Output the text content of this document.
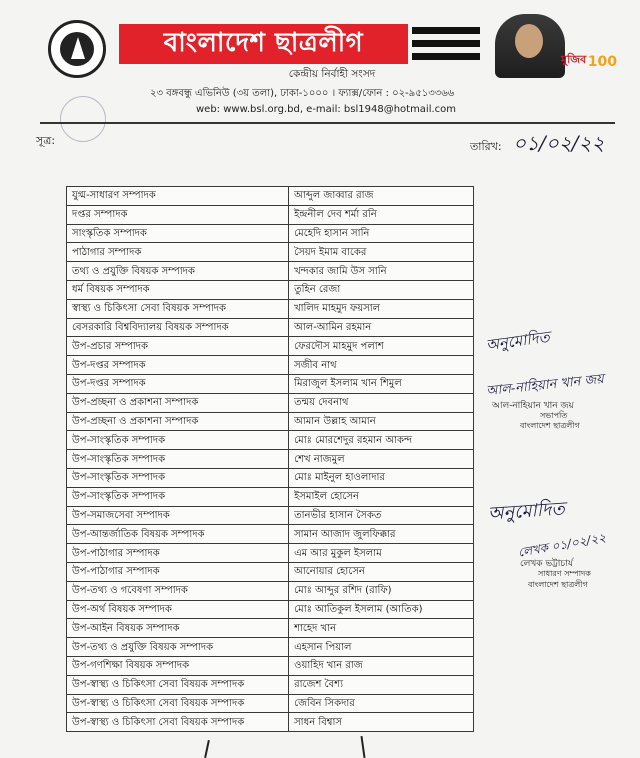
বাংলাদেশ ছাত্রলীগ
মুজিব 100
কেন্দ্রীয় নির্বাহী সংসদ
২৩ বঙ্গবন্ধু এভিনিউ (৩য় তলা), ঢাকা-১০০০ । ফ্যাক্স/ফোন : ০২-৯৫১৩৩৬৬
web: www.bsl.org.bd, e-mail: bsl1948@hotmail.com
সূত্র:	তারিখ: ০১/০২/২২
যুগ্ম-সাধারণ সম্পাদক	আব্দুল জাব্বার রাজ
দপ্তর সম্পাদক	ইন্দ্রনীল দেব শর্মা রনি
সাংস্কৃতিক সম্পাদক	মেহেদি হাসান সানি
পাঠাগার সম্পাদক	সৈয়দ ইমাম বাকের
তথ্য ও প্রযুক্তি বিষয়ক সম্পাদক	খন্দকার জামি উস সানি
ধর্ম বিষয়ক সম্পাদক	তুহিন রেজা
স্বাস্থ্য ও চিকিৎসা সেবা বিষয়ক সম্পাদক	খালিদ মাহমুদ ফয়সাল
বেসরকারি বিশ্ববিদ্যালয় বিষয়ক সম্পাদক	আল-আমিন রহমান
উপ-প্রচার সম্পাদক	ফেরদৌস মাহমুদ পলাশ
উপ-দপ্তর সম্পাদক	সজীব নাথ
উপ-দপ্তর সম্পাদক	মিরাজুল ইসলাম খান শিমুল
উপ-প্রচ্ছনা ও প্রকাশনা সম্পাদক	তন্ময় দেবনাথ
উপ-প্রচ্ছনা ও প্রকাশনা সম্পাদক	আমান উল্লাহ আমান
উপ-সাংস্কৃতিক সম্পাদক	মোঃ মোরশেদুর রহমান আকন্দ
উপ-সাংস্কৃতিক সম্পাদক	শেখ নাজমুল
উপ-সাংস্কৃতিক সম্পাদক	মোঃ মাইনুল হাওলাদার
উপ-সাংস্কৃতিক সম্পাদক	ইসমাইল হোসেন
উপ-সমাজসেবা সম্পাদক	তানভীর হাসান সৈকত
উপ-আন্তর্জাতিক বিষয়ক সম্পাদক	সামান আজাদ জুলফিক্কার
উপ-পাঠাগার সম্পাদক	এম আর মুকুল ইসলাম
উপ-পাঠাগার সম্পাদক	আনোয়ার হোসেন
উপ-তথ্য ও গবেষণা সম্পাদক	মোঃ আব্দুর রশিদ (রাফি)
উপ-অর্থ বিষয়ক সম্পাদক	মোঃ আতিকুল ইসলাম (আতিক)
উপ-আইন বিষয়ক সম্পাদক	শাহেদ খান
উপ-তথ্য ও প্রযুক্তি বিষয়ক সম্পাদক	এহসান পিয়াল
উপ-গণশিক্ষা বিষয়ক সম্পাদক	ওয়াহিদ খান রাজ
উপ-স্বাস্থ্য ও চিকিৎসা সেবা বিষয়ক সম্পাদক	রাজেশ বৈশ্য
উপ-স্বাস্থ্য ও চিকিৎসা সেবা বিষয়ক সম্পাদক	জেবিন সিকদার
উপ-স্বাস্থ্য ও চিকিৎসা সেবা বিষয়ক সম্পাদক	সাধন বিশ্বাস
অনুমোদিত
আল-নাহিয়ান খান জয়
আল-নাহিয়ান খান জয়
সভাপতি
বাংলাদেশ ছাত্রলীগ
অনুমোদিত
লেখক ০১/০২/২২
লেখক ভট্টাচার্য
সাধারণ সম্পাদক
বাংলাদেশ ছাত্রলীগ
